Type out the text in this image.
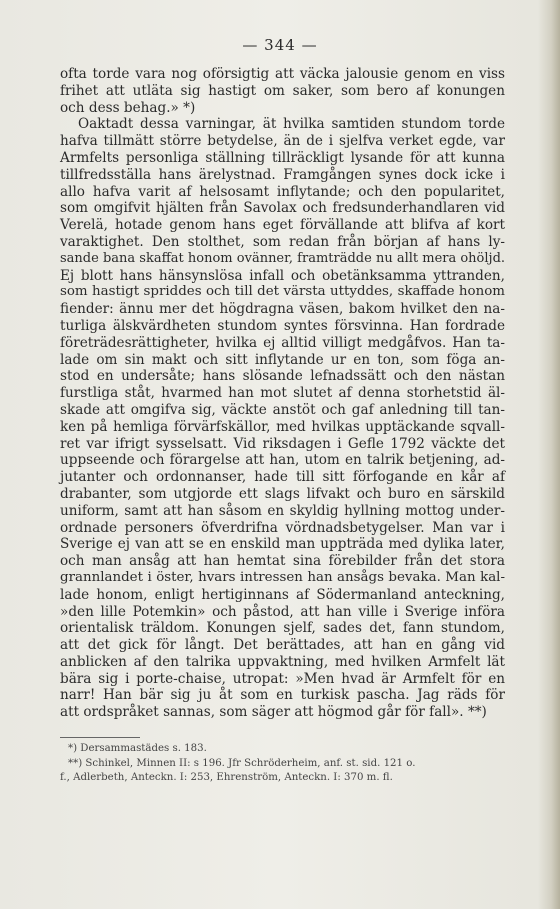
— 344 —
ofta torde vara nog oförsigtig att väcka jalousie genom en viss
frihet att utläta sig hastigt om saker, som bero af konungen
och dess behag.» *)
Oaktadt dessa varningar, ät hvilka samtiden stundom torde
hafva tillmätt större betydelse, än de i sjelfva verket egde, var
Armfelts personliga ställning tillräckligt lysande för att kunna
tillfredsställa hans ärelystnad. Framgången synes dock icke i
allo hafva varit af helsosamt inflytande; och den popularitet,
som omgifvit hjälten från Savolax och fredsunderhandlaren vid
Verelä, hotade genom hans eget förvällande att blifva af kort
varaktighet. Den stolthet, som redan från början af hans ly-
sande bana skaffat honom ovänner, framträdde nu allt mera ohöljd.
Ej blott hans hänsynslösa infall och obetänksamma yttranden,
som hastigt spriddes och till det värsta uttyddes, skaffade honom
fiender: ännu mer det högdragna väsen, bakom hvilket den na-
turliga älskvärdheten stundom syntes försvinna. Han fordrade
företrädesrättigheter, hvilka ej alltid villigt medgåfvos. Han ta-
lade om sin makt och sitt inflytande ur en ton, som föga an-
stod en undersåte; hans slösande lefnadssätt och den nästan
furstliga ståt, hvarmed han mot slutet af denna storhetstid äl-
skade att omgifva sig, väckte anstöt och gaf anledning till tan-
ken på hemliga förvärfskällor, med hvilkas upptäckande sqvall-
ret var ifrigt sysselsatt. Vid riksdagen i Gefle 1792 väckte det
uppseende och förargelse att han, utom en talrik betjening, ad-
jutanter och ordonnanser, hade till sitt förfogande en kår af
drabanter, som utgjorde ett slags lifvakt och buro en särskild
uniform, samt att han såsom en skyldig hyllning mottog under-
ordnade personers öfverdrifna vördnadsbetygelser. Man var i
Sverige ej van att se en enskild man uppträda med dylika later,
och man ansåg att han hemtat sina förebilder från det stora
grannlandet i öster, hvars intressen han ansågs bevaka. Man kal-
lade honom, enligt hertiginnans af Södermanland anteckning,
»den lille Potemkin» och påstod, att han ville i Sverige införa
orientalisk träldom. Konungen sjelf, sades det, fann stundom,
att det gick för långt. Det berättades, att han en gång vid
anblicken af den talrika uppvaktning, med hvilken Armfelt lät
bära sig i porte-chaise, utropat: »Men hvad är Armfelt för en
narr! Han bär sig ju åt som en turkisk pascha. Jag räds för
att ordspråket sannas, som säger att högmod går för fall». **)
*) Dersammastädes s. 183.
**) Schinkel, Minnen II: s 196. Jfr Schröderheim, anf. st. sid. 121 o.
f., Adlerbeth, Anteckn. I: 253, Ehrenström, Anteckn. I: 370 m. fl.
